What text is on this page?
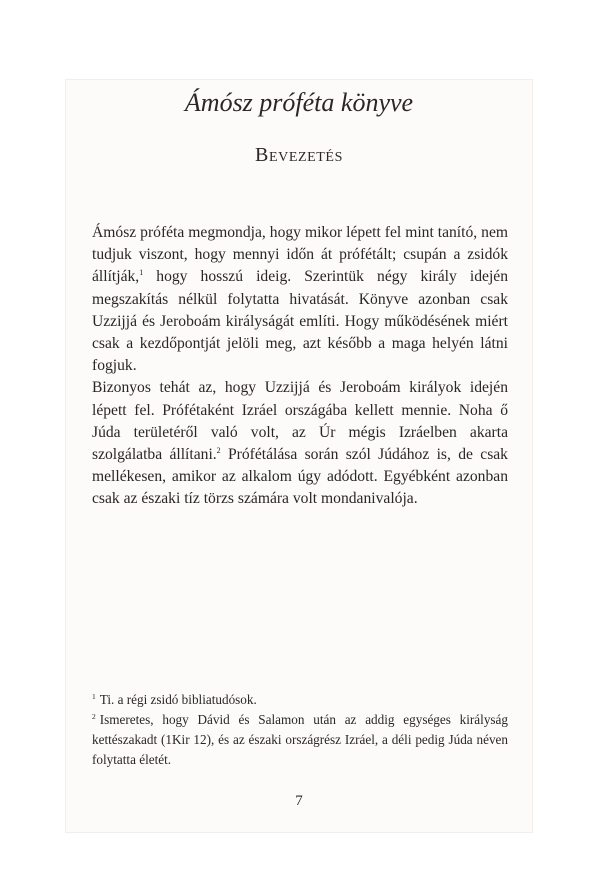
Ámósz próféta könyve
Bevezetés

Ámósz próféta megmondja, hogy mikor lépett fel mint tanító, nem tudjuk viszont, hogy mennyi időn át prófétált; csupán a zsidók állítják,$^1$ hogy hosszú ideig. Szerintük négy király idején megszakítás nélkül folytatta hivatását. Könyve azonban csak Uzzijjá és Jeroboám királyságát említi. Hogy működésének miért csak a kezdőpontját jelöli meg, azt később a maga helyén látni fogjuk.

Bizonyos tehát az, hogy Uzzijjá és Jeroboám királyok idején lépett fel. Prófétaként Izráel országába kellett mennie. Noha ő Júda területéről való volt, az Úr mégis Izráelben akarta szolgálatba állítani.$^2$ Prófétálása során szól Júdához is, de csak mellékesen, amikor az alkalom úgy adódott. Egyébként azonban csak az északi tíz törzs számára volt mondanivalója.

$^1$ Ti. a régi zsidó bibliatudósok.

$^2$ Ismeretes, hogy Dávid és Salamon után az addig egységes királyság kettészakadt (1Kir 12), és az északi országrész Izráel, a déli pedig Júda néven folytatta életét.

7
